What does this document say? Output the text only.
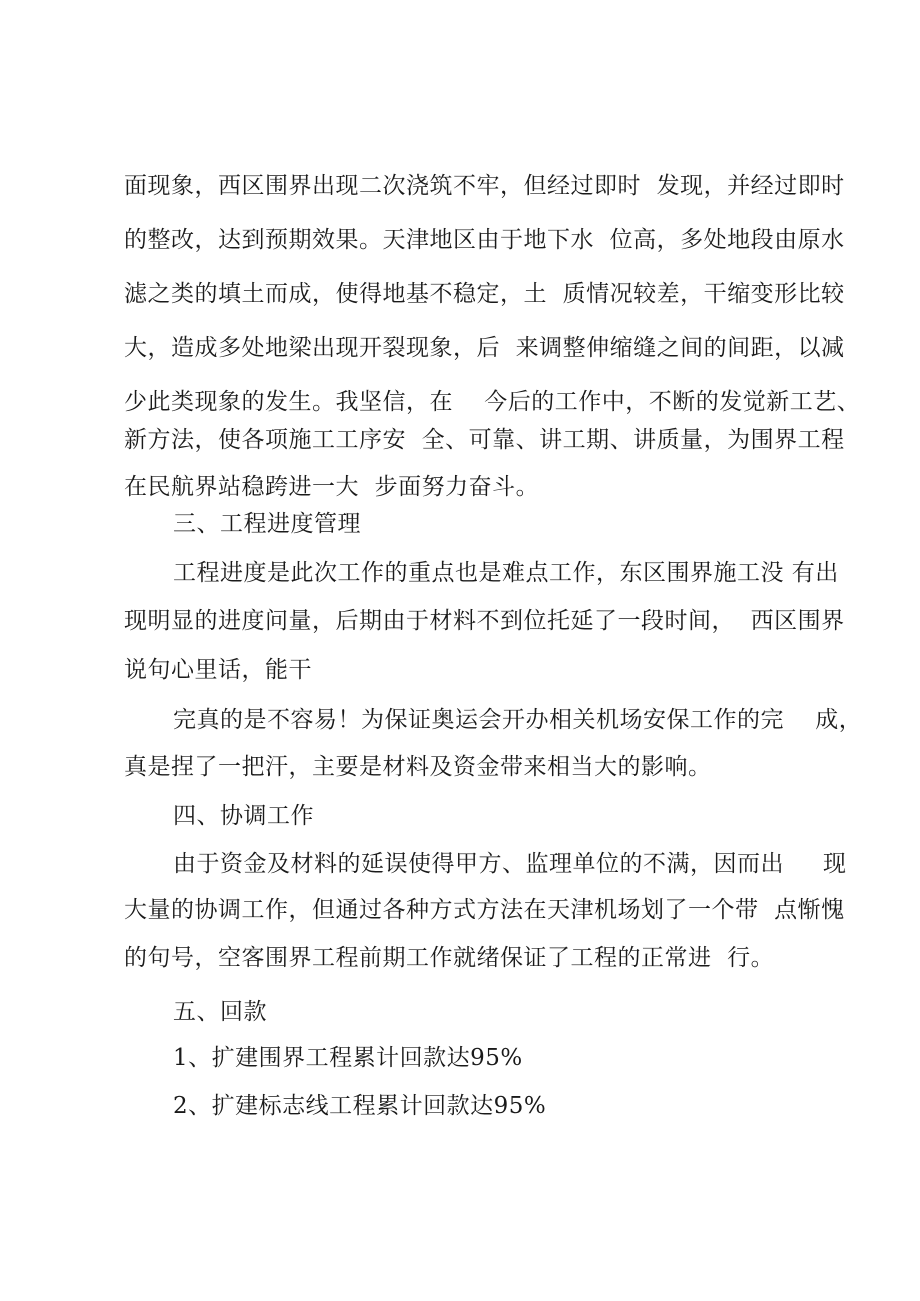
面现象，西区围界出现二次浇筑不牢，但经过即时  发现，并经过即时
的整改，达到预期效果。天津地区由于地下水  位高，多处地段由原水
滤之类的填土而成，使得地基不稳定，土  质情况较差，干缩变形比较
大，造成多处地梁出现开裂现象，后  来调整伸缩缝之间的间距，以减
少此类现象的发生。我坚信，在    今后的工作中，不断的发觉新工艺、
新方法，使各项施工工序安  全、可靠、讲工期、讲质量，为围界工程
在民航界站稳跨进一大  步面努力奋斗。
三、工程进度管理
工程进度是此次工作的重点也是难点工作，东区围界施工没 有出
现明显的进度问量，后期由于材料不到位托延了一段时间，  西区围界
说句心里话，能干
完真的是不容易！为保证奥运会开办相关机场安保工作的完    成，
真是捏了一把汗，主要是材料及资金带来相当大的影响。
四、协调工作
由于资金及材料的延误使得甲方、监理单位的不满，因而出     现
大量的协调工作，但通过各种方式方法在天津机场划了一个带  点惭愧
的句号，空客围界工程前期工作就绪保证了工程的正常进  行。
五、回款
1、扩建围界工程累计回款达95%
2、扩建标志线工程累计回款达95%
